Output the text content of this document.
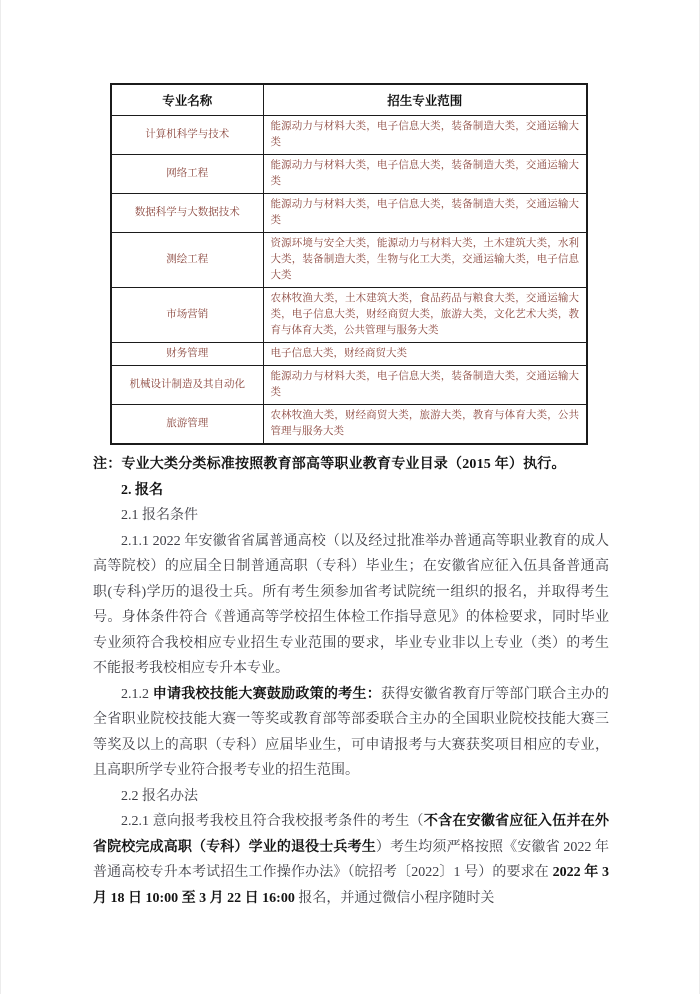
专业名称	招生专业范围
计算机科学与技术	能源动力与材料大类，电子信息大类，装备制造大类，交通运输大类
网络工程	能源动力与材料大类，电子信息大类，装备制造大类，交通运输大类
数据科学与大数据技术	能源动力与材料大类，电子信息大类，装备制造大类，交通运输大类
测绘工程	资源环境与安全大类，能源动力与材料大类，土木建筑大类，水利大类，装备制造大类，生物与化工大类，交通运输大类，电子信息大类
市场营销	农林牧渔大类，土木建筑大类，食品药品与粮食大类，交通运输大类，电子信息大类，财经商贸大类，旅游大类，文化艺术大类，教育与体育大类，公共管理与服务大类
财务管理	电子信息大类，财经商贸大类
机械设计制造及其自动化	能源动力与材料大类，电子信息大类，装备制造大类，交通运输大类
旅游管理	农林牧渔大类，财经商贸大类，旅游大类，教育与体育大类，公共管理与服务大类
注：专业大类分类标准按照教育部高等职业教育专业目录（2015 年）执行。
2. 报名
2.1 报名条件

2.1.1 2022 年安徽省省属普通高校（以及经过批准举办普通高等职业教育的成人高等院校）的应届全日制普通高职（专科）毕业生；在安徽省应征入伍具备普通高职(专科)学历的退役士兵。所有考生须参加省考试院统一组织的报名，并取得考生号。身体条件符合《普通高等学校招生体检工作指导意见》的体检要求，同时毕业专业须符合我校相应专业招生专业范围的要求，毕业专业非以上专业（类）的考生不能报考我校相应专升本专业。

2.1.2 申请我校技能大赛鼓励政策的考生：获得安徽省教育厅等部门联合主办的全省职业院校技能大赛一等奖或教育部等部委联合主办的全国职业院校技能大赛三等奖及以上的高职（专科）应届毕业生，可申请报考与大赛获奖项目相应的专业，且高职所学专业符合报考专业的招生范围。

2.2 报名办法

2.2.1 意向报考我校且符合我校报考条件的考生（不含在安徽省应征入伍并在外省院校完成高职（专科）学业的退役士兵考生）考生均须严格按照《安徽省 2022 年普通高校专升本考试招生工作操作办法》（皖招考〔2022〕1 号）的要求在 2022 年 3 月 18 日 10:00 至 3 月 22 日 16:00 报名，并通过微信小程序随时关
